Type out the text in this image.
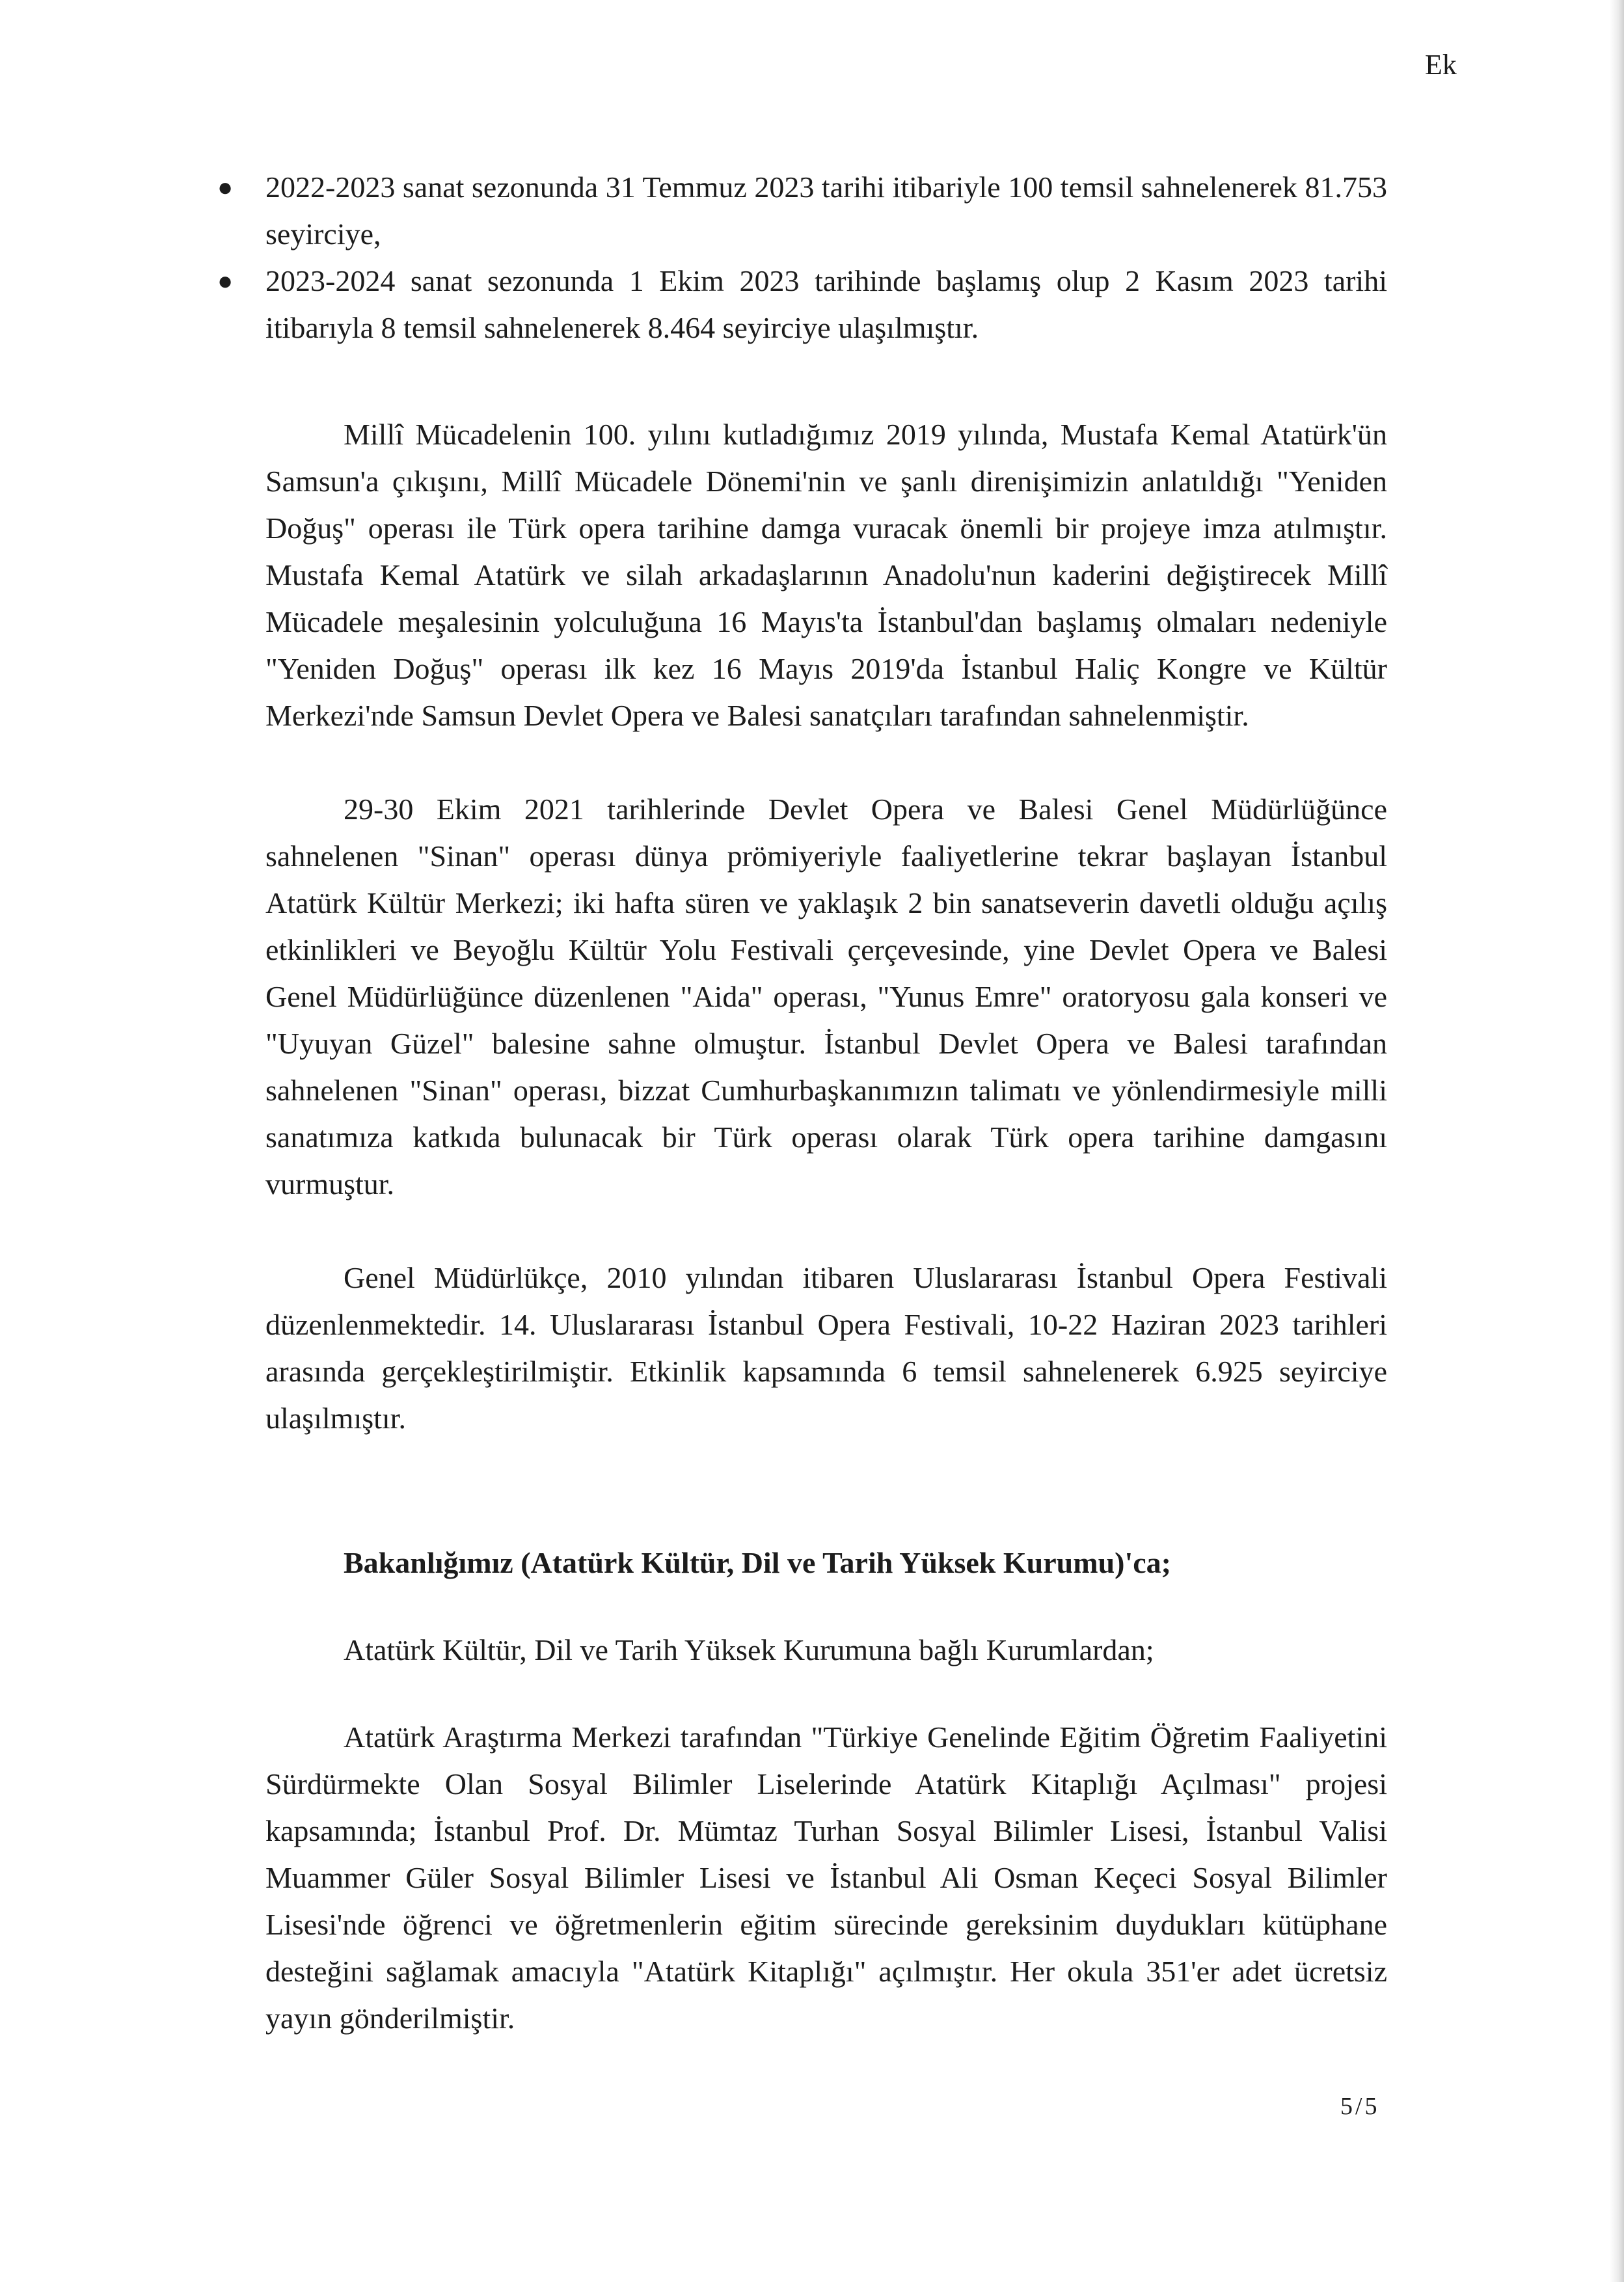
Ek
● 2022-2023 sanat sezonunda 31 Temmuz 2023 tarihi itibariyle 100 temsil sahnelenerek 81.753 seyirciye,
● 2023-2024 sanat sezonunda 1 Ekim 2023 tarihinde başlamış olup 2 Kasım 2023 tarihi itibarıyla 8 temsil sahnelenerek 8.464 seyirciye ulaşılmıştır.

Millî Mücadelenin 100. yılını kutladığımız 2019 yılında, Mustafa Kemal Atatürk'ün Samsun'a çıkışını, Millî Mücadele Dönemi'nin ve şanlı direnişimizin anlatıldığı "Yeniden Doğuş" operası ile Türk opera tarihine damga vuracak önemli bir projeye imza atılmıştır. Mustafa Kemal Atatürk ve silah arkadaşlarının Anadolu'nun kaderini değiştirecek Millî Mücadele meşalesinin yolculuğuna 16 Mayıs'ta İstanbul'dan başlamış olmaları nedeniyle "Yeniden Doğuş" operası ilk kez 16 Mayıs 2019'da İstanbul Haliç Kongre ve Kültür Merkezi'nde Samsun Devlet Opera ve Balesi sanatçıları tarafından sahnelenmiştir.

29-30 Ekim 2021 tarihlerinde Devlet Opera ve Balesi Genel Müdürlüğünce sahnelenen "Sinan" operası dünya prömiyeriyle faaliyetlerine tekrar başlayan İstanbul Atatürk Kültür Merkezi; iki hafta süren ve yaklaşık 2 bin sanatseverin davetli olduğu açılış etkinlikleri ve Beyoğlu Kültür Yolu Festivali çerçevesinde, yine Devlet Opera ve Balesi Genel Müdürlüğünce düzenlenen "Aida" operası, "Yunus Emre" oratoryosu gala konseri ve "Uyuyan Güzel" balesine sahne olmuştur. İstanbul Devlet Opera ve Balesi tarafından sahnelenen "Sinan" operası, bizzat Cumhurbaşkanımızın talimatı ve yönlendirmesiyle milli sanatımıza katkıda bulunacak bir Türk operası olarak Türk opera tarihine damgasını vurmuştur.

Genel Müdürlükçe, 2010 yılından itibaren Uluslararası İstanbul Opera Festivali düzenlenmektedir. 14. Uluslararası İstanbul Opera Festivali, 10-22 Haziran 2023 tarihleri arasında gerçekleştirilmiştir. Etkinlik kapsamında 6 temsil sahnelenerek 6.925 seyirciye ulaşılmıştır.

Bakanlığımız (Atatürk Kültür, Dil ve Tarih Yüksek Kurumu)'ca;

Atatürk Kültür, Dil ve Tarih Yüksek Kurumuna bağlı Kurumlardan;

Atatürk Araştırma Merkezi tarafından "Türkiye Genelinde Eğitim Öğretim Faaliyetini Sürdürmekte Olan Sosyal Bilimler Liselerinde Atatürk Kitaplığı Açılması" projesi kapsamında; İstanbul Prof. Dr. Mümtaz Turhan Sosyal Bilimler Lisesi, İstanbul Valisi Muammer Güler Sosyal Bilimler Lisesi ve İstanbul Ali Osman Keçeci Sosyal Bilimler Lisesi'nde öğrenci ve öğretmenlerin eğitim sürecinde gereksinim duydukları kütüphane desteğini sağlamak amacıyla "Atatürk Kitaplığı" açılmıştır. Her okula 351'er adet ücretsiz yayın gönderilmiştir.

5/5
